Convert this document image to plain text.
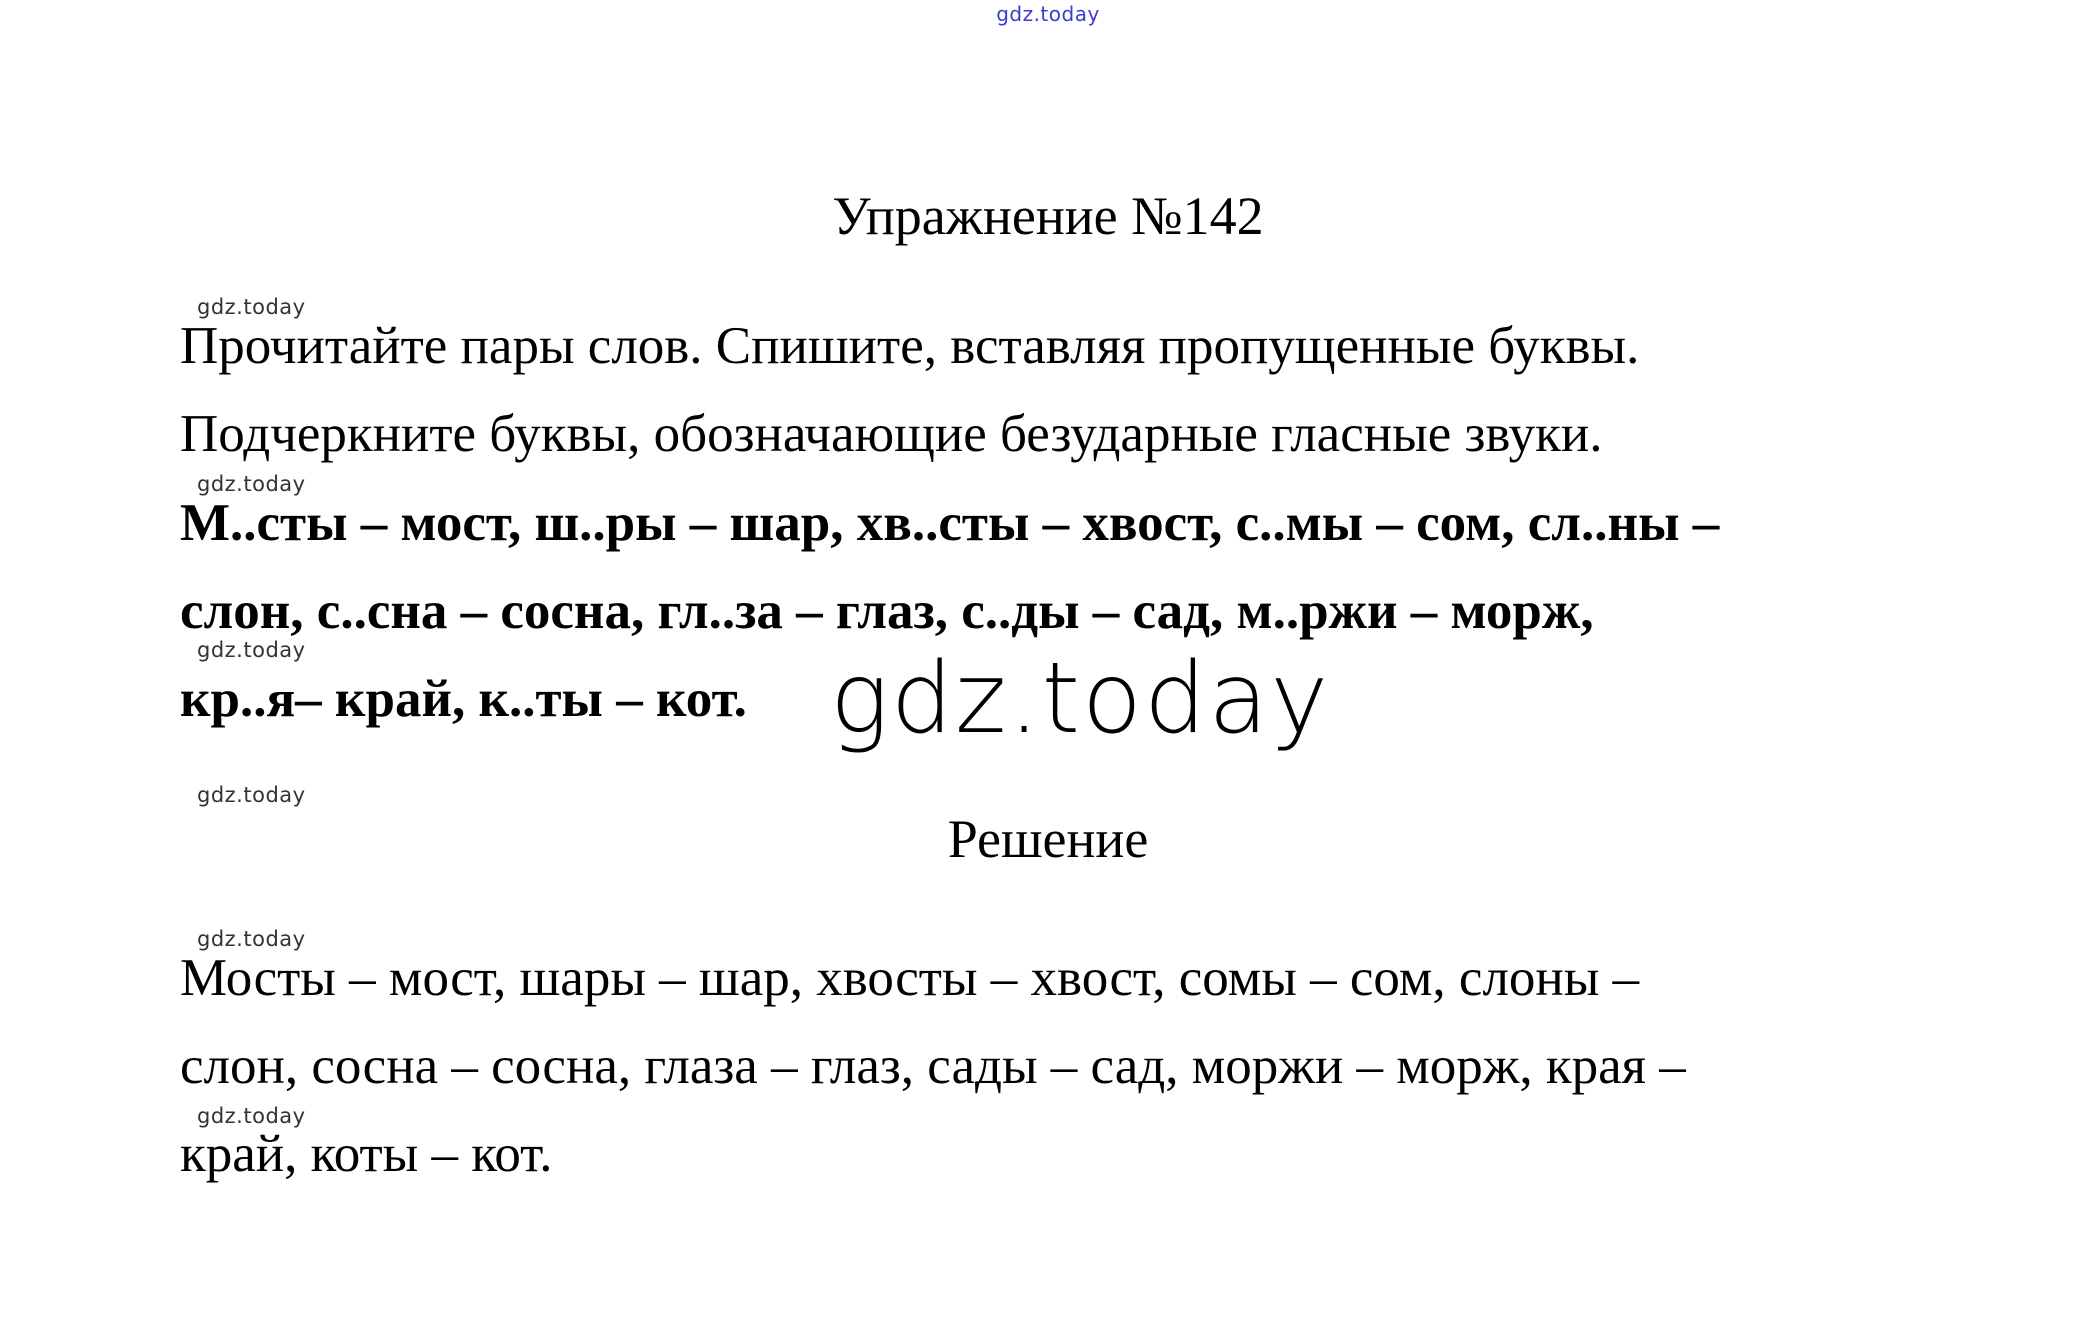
gdz.today
Упражнение №142
gdz.today
Прочитайте пары слов. Спишите, вставляя пропущенные буквы.
Подчеркните буквы, обозначающие безударные гласные звуки.
gdz.today
М..сты – мост, ш..ры – шар, хв..сты – хвост, с..мы – сом, сл..ны –
слон, с..сна – сосна, гл..за – глаз, с..ды – сад, м..ржи – морж,
gdz.today
кр..я– край, к..ты – кот. gdz.today
gdz.today
Решение
gdz.today
Мосты – мост, шары – шар, хвосты – хвост, сомы – сом, слоны –
слон, сосна – сосна, глаза – глаз, сады – сад, моржи – морж, края –
gdz.today
край, коты – кот.
